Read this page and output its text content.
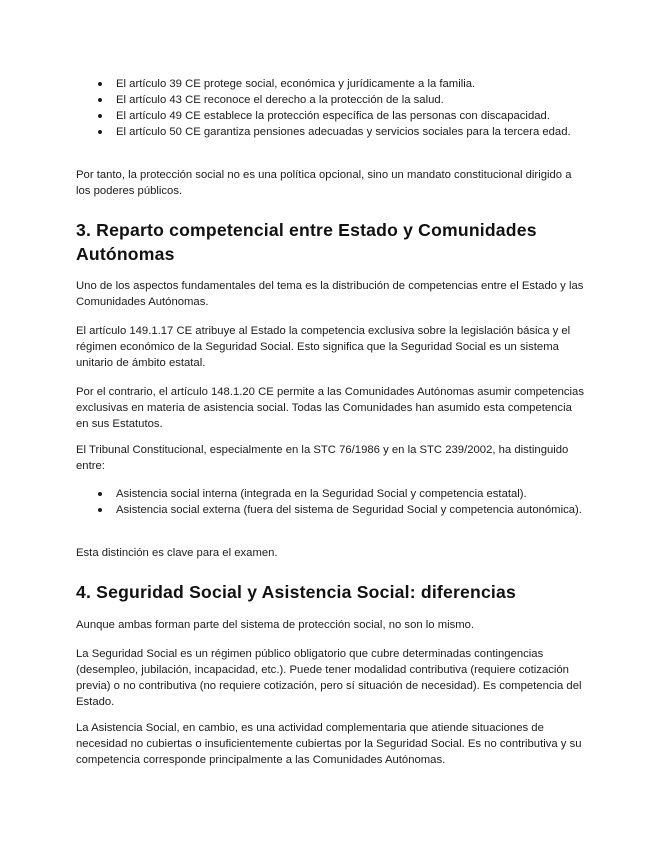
El artículo 39 CE protege social, económica y jurídicamente a la familia.
El artículo 43 CE reconoce el derecho a la protección de la salud.
El artículo 49 CE establece la protección específica de las personas con discapacidad.
El artículo 50 CE garantiza pensiones adecuadas y servicios sociales para la tercera edad.

Por tanto, la protección social no es una política opcional, sino un mandato constitucional dirigido a los poderes públicos.

3. Reparto competencial entre Estado y Comunidades Autónomas

Uno de los aspectos fundamentales del tema es la distribución de competencias entre el Estado y las Comunidades Autónomas.

El artículo 149.1.17 CE atribuye al Estado la competencia exclusiva sobre la legislación básica y el régimen económico de la Seguridad Social. Esto significa que la Seguridad Social es un sistema unitario de ámbito estatal.

Por el contrario, el artículo 148.1.20 CE permite a las Comunidades Autónomas asumir competencias exclusivas en materia de asistencia social. Todas las Comunidades han asumido esta competencia en sus Estatutos.

El Tribunal Constitucional, especialmente en la STC 76/1986 y en la STC 239/2002, ha distinguido entre:

Asistencia social interna (integrada en la Seguridad Social y competencia estatal).
Asistencia social externa (fuera del sistema de Seguridad Social y competencia autonómica).

Esta distinción es clave para el examen.

4. Seguridad Social y Asistencia Social: diferencias

Aunque ambas forman parte del sistema de protección social, no son lo mismo.

La Seguridad Social es un régimen público obligatorio que cubre determinadas contingencias (desempleo, jubilación, incapacidad, etc.). Puede tener modalidad contributiva (requiere cotización previa) o no contributiva (no requiere cotización, pero sí situación de necesidad). Es competencia del Estado.

La Asistencia Social, en cambio, es una actividad complementaria que atiende situaciones de necesidad no cubiertas o insuficientemente cubiertas por la Seguridad Social. Es no contributiva y su competencia corresponde principalmente a las Comunidades Autónomas.
